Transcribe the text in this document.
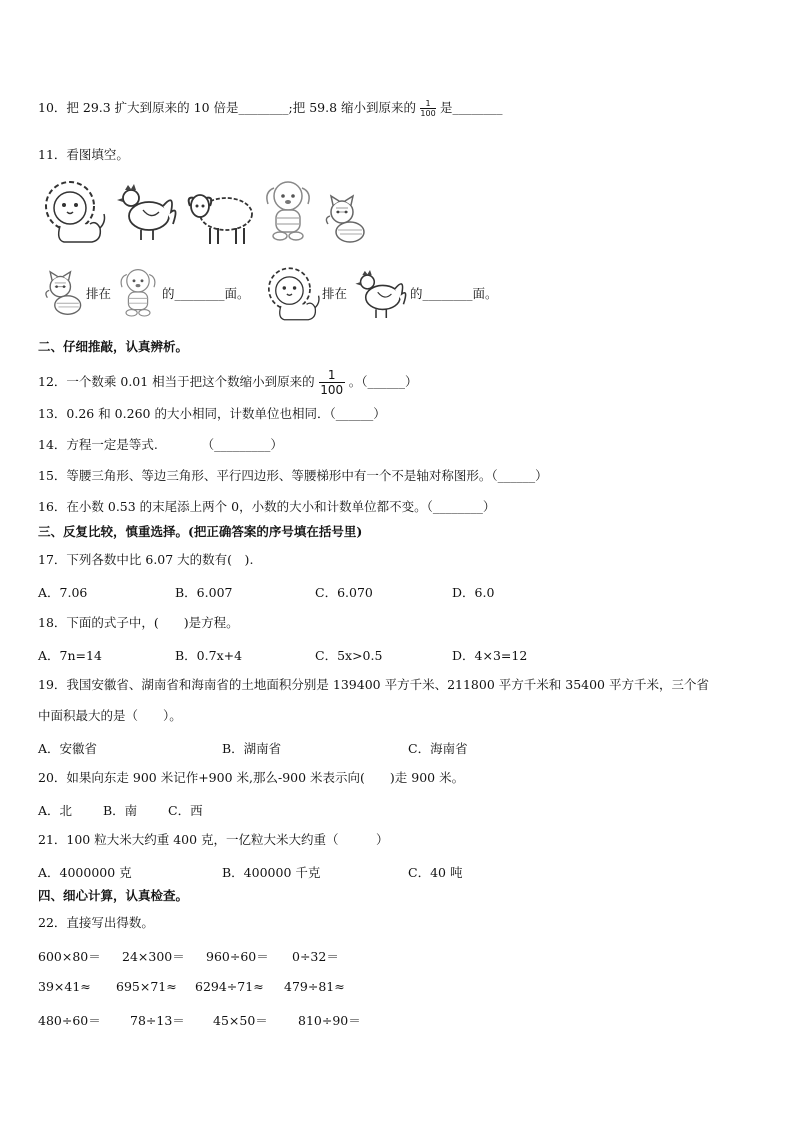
10．把 29.3 扩大到原来的 10 倍是________;把 59.8 缩小到原来的 $\frac{1}{100}$ 是________
11．看图填空。
排在	的________面。	排在	的________面。
二、仔细推敲，认真辨析。
12．一个数乘 0.01 相当于把这个数缩小到原来的 $\frac{1}{100}$ 。（______）
13．0.26 和 0.260 的大小相同，计数单位也相同．（______）
14．方程一定是等式.　　　　（_________）
15．等腰三角形、等边三角形、平行四边形、等腰梯形中有一个不是轴对称图形。（______）
16．在小数 0.53 的末尾添上两个 0，小数的大小和计数单位都不变。（________）
三、反复比较，慎重选择。(把正确答案的序号填在括号里)
17．下列各数中比 6.07 大的数有(　).
A．7.06	B．6.007	C．6.070	D．6.0
18．下面的式子中，(　　)是方程。
A．7n=14	B．0.7x+4	C．5x>0.5	D．4×3=12
19．我国安徽省、湖南省和海南省的土地面积分别是 139400 平方千米、211800 平方千米和 35400 平方千米，三个省
中面积最大的是（　　）。
A．安徽省	B．湖南省	C．海南省
20．如果向东走 900 米记作+900 米,那么-900 米表示向(　　)走 900 米。
A．北 B．南 C．西
21．100 粒大米大约重 400 克，一亿粒大米大约重（　　　）
A．4000000 克	B．400000 千克	C．40 吨
四、细心计算，认真检查。
22．直接写出得数。
600×80＝ 24×300＝ 960÷60＝ 0÷32＝
39×41≈ 695×71≈ 6294÷71≈ 479÷81≈
480÷60＝ 78÷13＝ 45×50＝ 810÷90＝
